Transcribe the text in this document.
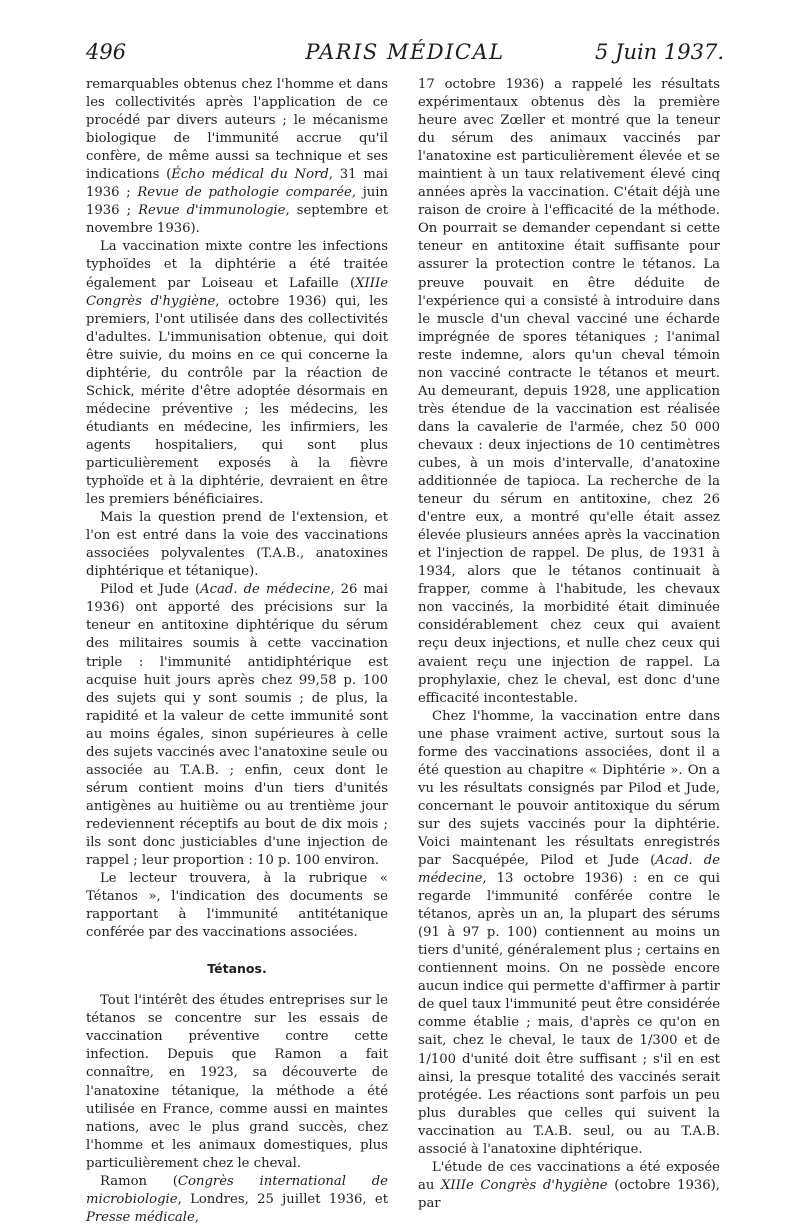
496	PARIS MÉDICAL	5 Juin 1937.

remarquables obtenus chez l'homme et dans les collectivités après l'application de ce procédé par divers auteurs ; le mécanisme biologique de l'immunité accrue qu'il confère, de même aussi sa technique et ses indications (Écho médical du Nord, 31 mai 1936 ; Revue de pathologie comparée, juin 1936 ; Revue d'immunologie, septembre et novembre 1936).

La vaccination mixte contre les infections typhoïdes et la diphtérie a été traitée également par Loiseau et Lafaille (XIIIe Congrès d'hygiène, octobre 1936) qui, les premiers, l'ont utilisée dans des collectivités d'adultes. L'immunisation obtenue, qui doit être suivie, du moins en ce qui concerne la diphtérie, du contrôle par la réaction de Schick, mérite d'être adoptée désormais en médecine préventive ; les médecins, les étudiants en médecine, les infirmiers, les agents hospitaliers, qui sont plus particulièrement exposés à la fièvre typhoïde et à la diphtérie, devraient en être les premiers bénéficiaires.

Mais la question prend de l'extension, et l'on est entré dans la voie des vaccinations associées polyvalentes (T.A.B., anatoxines diphtérique et tétanique).

Pilod et Jude (Acad. de médecine, 26 mai 1936) ont apporté des précisions sur la teneur en antitoxine diphtérique du sérum des militaires soumis à cette vaccination triple : l'immunité antidiphtérique est acquise huit jours après chez 99,58 p. 100 des sujets qui y sont soumis ; de plus, la rapidité et la valeur de cette immunité sont au moins égales, sinon supérieures à celle des sujets vaccinés avec l'anatoxine seule ou associée au T.A.B. ; enfin, ceux dont le sérum contient moins d'un tiers d'unités antigènes au huitième ou au trentième jour redeviennent réceptifs au bout de dix mois ; ils sont donc justiciables d'une injection de rappel ; leur proportion : 10 p. 100 environ.

Le lecteur trouvera, à la rubrique « Tétanos », l'indication des documents se rapportant à l'immunité antitétanique conférée par des vaccinations associées.

Tétanos.

Tout l'intérêt des études entreprises sur le tétanos se concentre sur les essais de vaccination préventive contre cette infection. Depuis que Ramon a fait connaître, en 1923, sa découverte de l'anatoxine tétanique, la méthode a été utilisée en France, comme aussi en maintes nations, avec le plus grand succès, chez l'homme et les animaux domestiques, plus particulièrement chez le cheval.

Ramon (Congrès international de microbiologie, Londres, 25 juillet 1936, et Presse médicale,

17 octobre 1936) a rappelé les résultats expérimentaux obtenus dès la première heure avec Zœller et montré que la teneur du sérum des animaux vaccinés par l'anatoxine est particulièrement élevée et se maintient à un taux relativement élevé cinq années après la vaccination. C'était déjà une raison de croire à l'efficacité de la méthode. On pourrait se demander cependant si cette teneur en antitoxine était suffisante pour assurer la protection contre le tétanos. La preuve pouvait en être déduite de l'expérience qui a consisté à introduire dans le muscle d'un cheval vacciné une écharde imprégnée de spores tétaniques ; l'animal reste indemne, alors qu'un cheval témoin non vacciné contracte le tétanos et meurt. Au demeurant, depuis 1928, une application très étendue de la vaccination est réalisée dans la cavalerie de l'armée, chez 50 000 chevaux : deux injections de 10 centimètres cubes, à un mois d'intervalle, d'anatoxine additionnée de tapioca. La recherche de la teneur du sérum en antitoxine, chez 26 d'entre eux, a montré qu'elle était assez élevée plusieurs années après la vaccination et l'injection de rappel. De plus, de 1931 à 1934, alors que le tétanos continuait à frapper, comme à l'habitude, les chevaux non vaccinés, la morbidité était diminuée considérablement chez ceux qui avaient reçu deux injections, et nulle chez ceux qui avaient reçu une injection de rappel. La prophylaxie, chez le cheval, est donc d'une efficacité incontestable.

Chez l'homme, la vaccination entre dans une phase vraiment active, surtout sous la forme des vaccinations associées, dont il a été question au chapitre « Diphtérie ». On a vu les résultats consignés par Pilod et Jude, concernant le pouvoir antitoxique du sérum sur des sujets vaccinés pour la diphtérie. Voici maintenant les résultats enregistrés par Sacquépée, Pilod et Jude (Acad. de médecine, 13 octobre 1936) : en ce qui regarde l'immunité conférée contre le tétanos, après un an, la plupart des sérums (91 à 97 p. 100) contiennent au moins un tiers d'unité, généralement plus ; certains en contiennent moins. On ne possède encore aucun indice qui permette d'affirmer à partir de quel taux l'immunité peut être considérée comme établie ; mais, d'après ce qu'on en sait, chez le cheval, le taux de 1/300 et de 1/100 d'unité doit être suffisant ; s'il en est ainsi, la presque totalité des vaccinés serait protégée. Les réactions sont parfois un peu plus durables que celles qui suivent la vaccination au T.A.B. seul, ou au T.A.B. associé à l'anatoxine diphtérique.

L'étude de ces vaccinations a été exposée au XIIIe Congrès d'hygiène (octobre 1936), par
